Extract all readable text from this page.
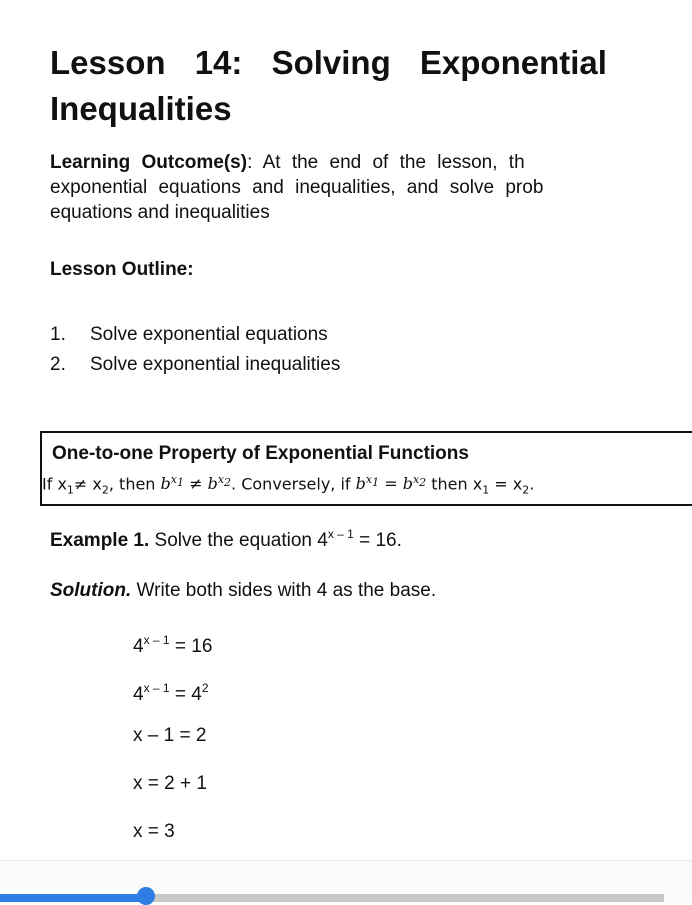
Lesson 14: Solving Exponential
Inequalities
Learning Outcome(s): At the end of the lesson, th
exponential equations and inequalities, and solve prob
equations and inequalities
Lesson Outline:
1. Solve exponential equations
2. Solve exponential inequalities
One-to-one Property of Exponential Functions
If $x_1\ne x_2$, then $b^{x_1} \ne b^{x_2}$. Conversely, if $b^{x_1} = b^{x_2}$ then $x_1 = x_2$.
Example 1. Solve the equation $4^{x - 1} = 16$.
Solution. Write both sides with 4 as the base.
$4^{x - 1} = 16$
$4^{x - 1} = 4^2$
x – 1 = 2
x = 2 + 1
x = 3
